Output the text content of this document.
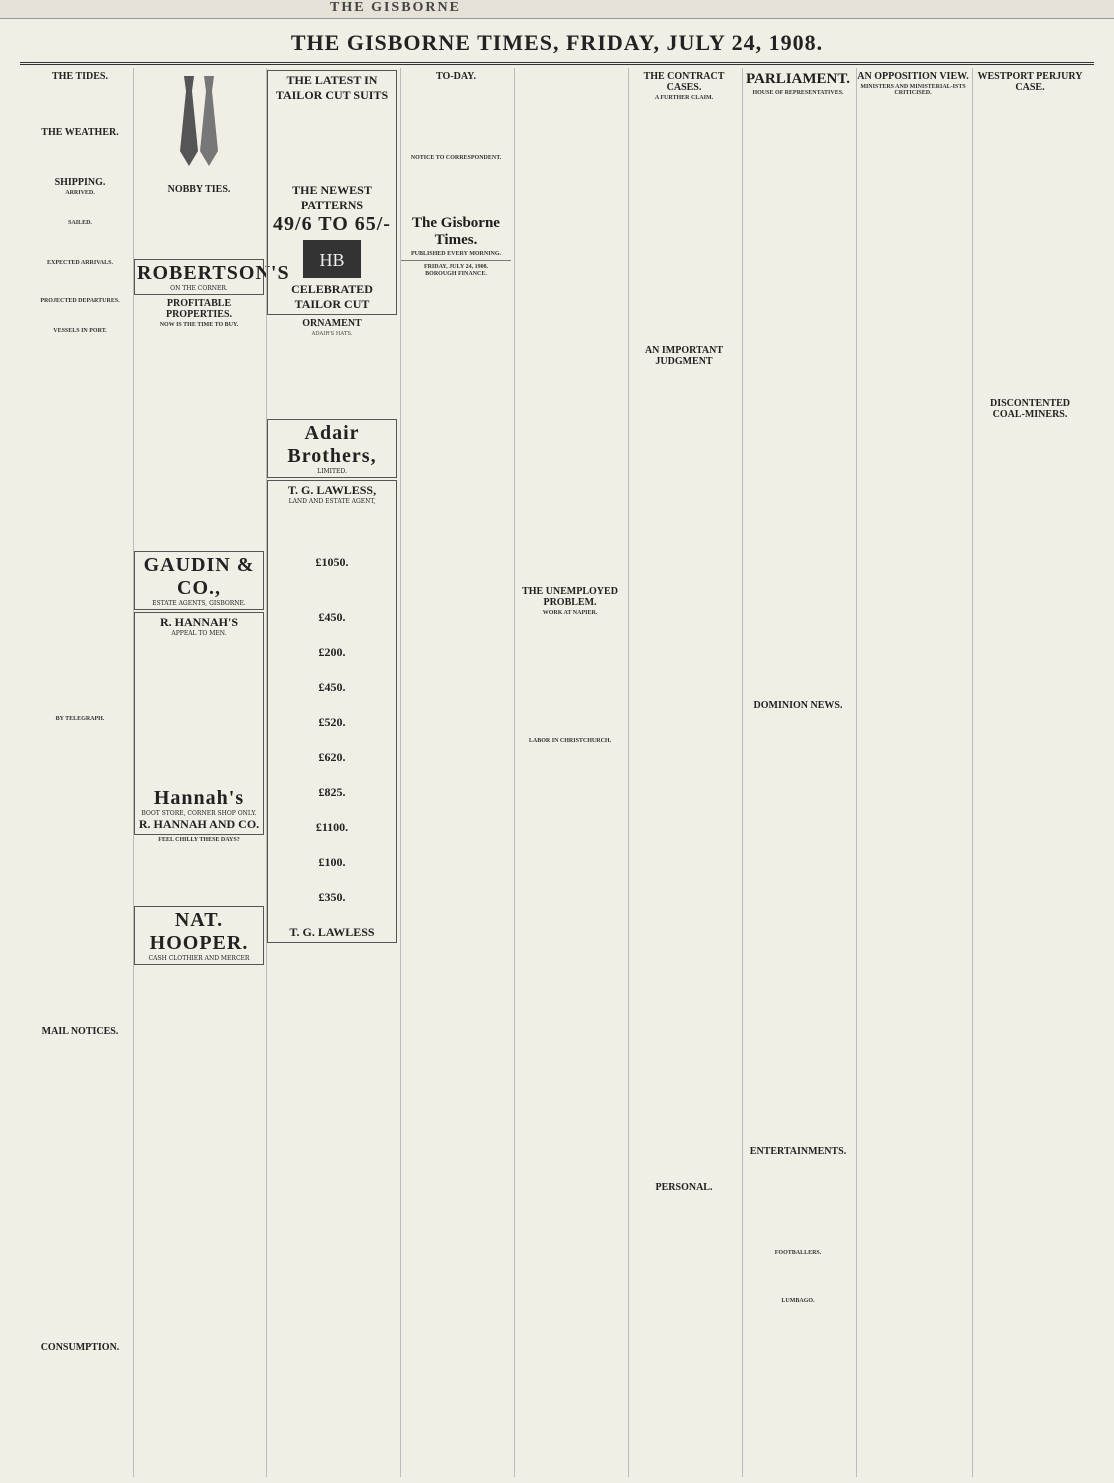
THE GISBORNE
THE GISBORNE TIMES, FRIDAY, JULY 24, 1908.
THE TIDES.
THE WEATHER.
SHIPPING.
ARRIVED.
SAILED.
EXPECTED ARRIVALS.
PROJECTED DEPARTURES.
VESSELS IN PORT.
BY TELEGRAPH.
MAIL NOTICES.
CONSUMPTION.
NOBBY TIES.
ROBERTSON'S
ON THE CORNER.
PROFITABLE PROPERTIES.
NOW IS THE TIME TO BUY.
GAUDIN & CO.,
ESTATE AGENTS, GISBORNE.
R. HANNAH'S
APPEAL TO MEN.
Hannah's
BOOT STORE, CORNER SHOP ONLY.
R. HANNAH AND CO.
FEEL CHILLY THESE DAYS?
NAT. HOOPER.
CASH CLOTHIER AND MERCER
THE LATEST IN TAILOR CUT SUITS
THE NEWEST PATTERNS
49/6 TO 65/-
HB
CELEBRATED TAILOR CUT
ORNAMENT
ADAIR'S HATS.
Adair Brothers,
LIMITED.
T. G. LAWLESS,
LAND AND ESTATE AGENT,
£1050.
£450.
£200.
£450.
£520.
£620.
£825.
£1100.
£100.
£350.
T. G. LAWLESS
TO-DAY.
NOTICE TO CORRESPONDENT.
The Gisborne Times.
PUBLISHED EVERY MORNING.
FRIDAY, JULY 24, 1908.
BOROUGH FINANCE.
THE UNEMPLOYED PROBLEM.
WORK AT NAPIER.
LABOR IN CHRISTCHURCH.
THE CONTRACT CASES.
A FURTHER CLAIM.
AN IMPORTANT JUDGMENT
PERSONAL.
PARLIAMENT.
HOUSE OF REPRESENTATIVES.
DOMINION NEWS.
ENTERTAINMENTS.
FOOTBALLERS.
LUMBAGO.
AN OPPOSITION VIEW.
MINISTERS AND MINISTERIAL-ISTS CRITICISED.
WESTPORT PERJURY CASE.
DISCONTENTED COAL-MINERS.
